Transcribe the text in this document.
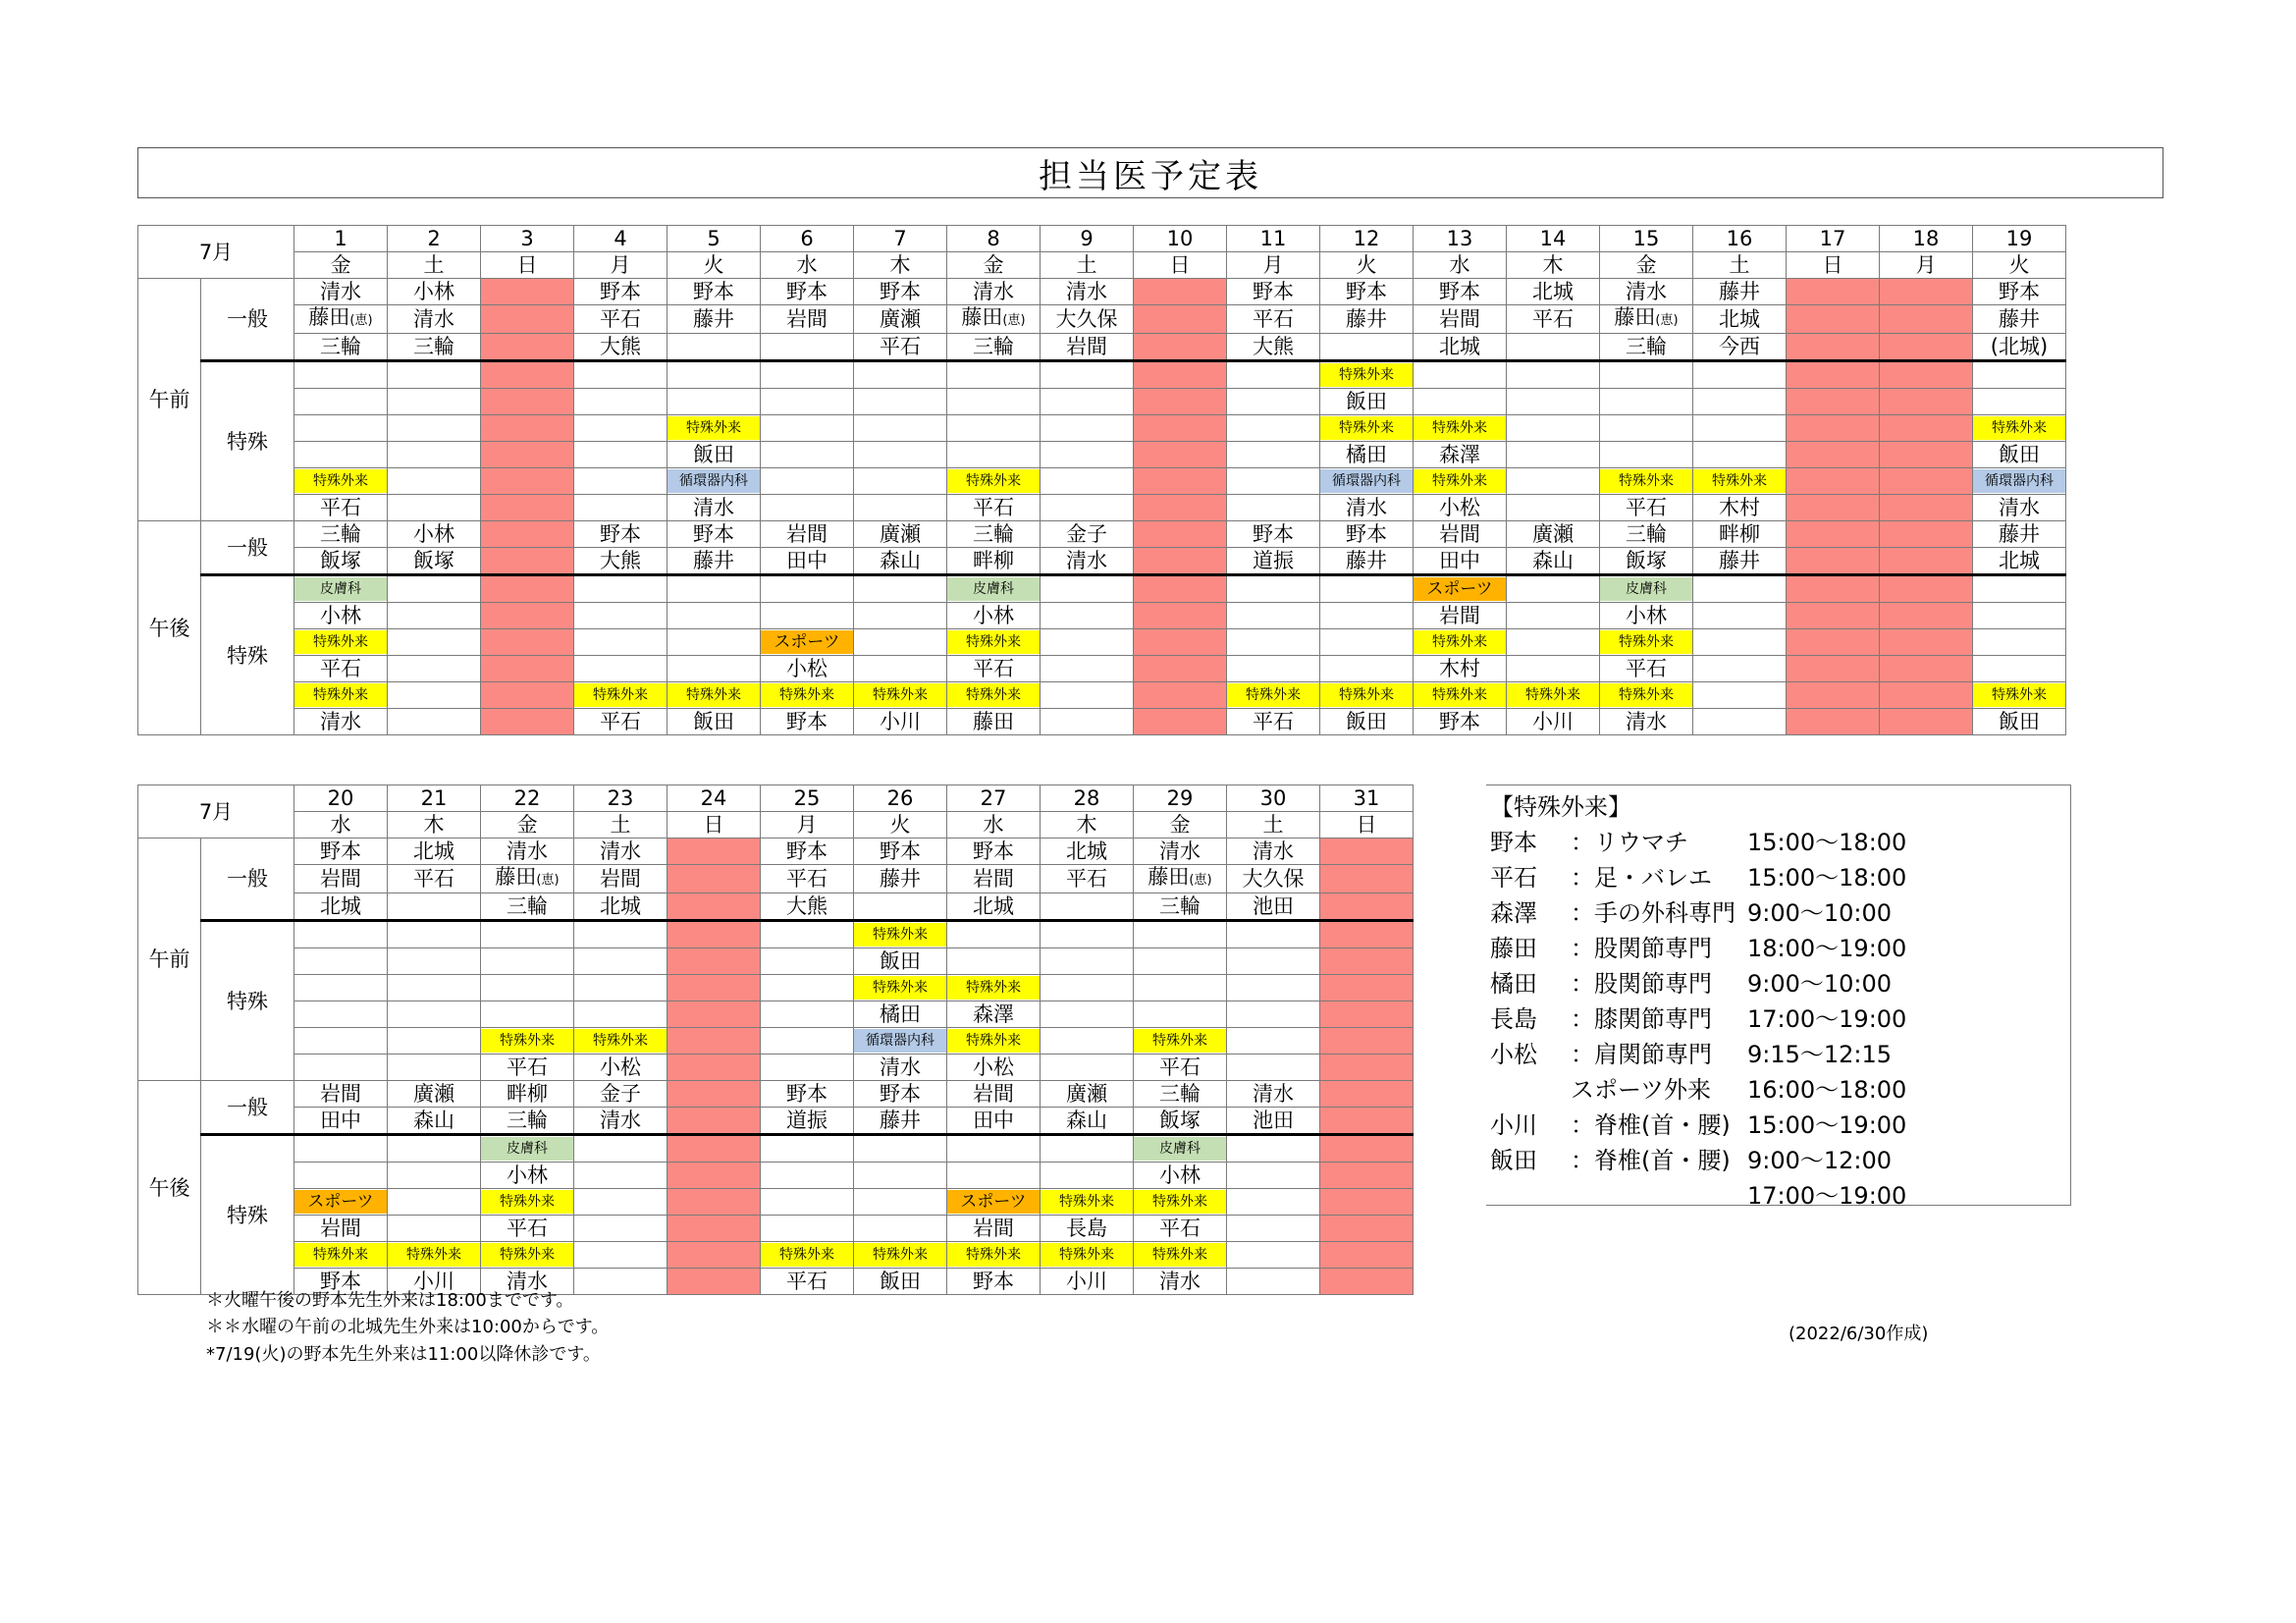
担当医予定表
7月		1	2	3	4	5	6	7	8	9	10	11	12	13	14	15	16	17	18	19
		金	土	日	月	火	水	木	金	土	日	月	火	水	木	金	土	日	月	火
午前	一般	清水	小林		野本	野本	野本	野本	清水	清水		野本	野本	野本	北城	清水	藤井			野本
		藤田(恵)	清水		平石	藤井	岩間	廣瀬	藤田(恵)	大久保		平石	藤井	岩間	平石	藤田(恵)	北城			藤井
		三輪	三輪		大熊			平石	三輪	岩間		大熊		北城		三輪	今西			(北城)
	特殊												特殊外来							

													飯田							

						特殊外来							特殊外来	特殊外来						特殊外来

						飯田							橘田	森澤						飯田

		特殊外来				循環器内科			特殊外来				循環器内科	特殊外来		特殊外来	特殊外来			循環器内科

		平石				清水			平石				清水	小松		平石	木村			清水
午後	一般	三輪	小林		野本	野本	岩間	廣瀬	三輪	金子		野本	野本	岩間	廣瀬	三輪	畔柳			藤井
		飯塚	飯塚		大熊	藤井	田中	森山	畔柳	清水		道振	藤井	田中	森山	飯塚	藤井			北城
	特殊	皮膚科							皮膚科					スポーツ		皮膚科				

		小林							小林					岩間		小林				

		特殊外来					スポーツ		特殊外来					特殊外来		特殊外来				

		平石					小松		平石					木村		平石				

		特殊外来			特殊外来	特殊外来	特殊外来	特殊外来	特殊外来			特殊外来	特殊外来	特殊外来	特殊外来	特殊外来				特殊外来

		清水			平石	飯田	野本	小川	藤田			平石	飯田	野本	小川	清水				飯田
7月		20	21	22	23	24	25	26	27	28	29	30	31
		水	木	金	土	日	月	火	水	木	金	土	日
午前	一般	野本	北城	清水	清水		野本	野本	野本	北城	清水	清水	
		岩間	平石	藤田(恵)	岩間		平石	藤井	岩間	平石	藤田(恵)	大久保	
		北城		三輪	北城		大熊		北城		三輪	池田	
	特殊							特殊外来					

								飯田					

								特殊外来	特殊外来				

								橘田	森澤				

				特殊外来	特殊外来			循環器内科	特殊外来		特殊外来		

				平石	小松			清水	小松		平石		
午後	一般	岩間	廣瀬	畔柳	金子		野本	野本	岩間	廣瀬	三輪	清水	
		田中	森山	三輪	清水		道振	藤井	田中	森山	飯塚	池田	
	特殊			皮膚科							皮膚科		

				小林							小林		

		スポーツ		特殊外来					スポーツ	特殊外来	特殊外来		

		岩間		平石					岩間	長島	平石		

		特殊外来	特殊外来	特殊外来			特殊外来	特殊外来	特殊外来	特殊外来	特殊外来		

		野本	小川	清水			平石	飯田	野本	小川	清水		
【特殊外来】
野本 ：リウマチ	15:00～18:00
平石 ：足・バレエ 15:00～18:00
森澤 ：手の外科専門 9:00～10:00
藤田 ：股関節専門 18:00～19:00
橘田 ：股関節専門 9:00～10:00
長島 ：膝関節専門 17:00～19:00
小松 ：肩関節専門 9:15～12:15
スポーツ外来 16:00～18:00
小川 ：脊椎(首・腰) 15:00～19:00
飯田 ：脊椎(首・腰) 9:00～12:00
17:00～19:00
＊火曜午後の野本先生外来は18:00までです。
＊＊水曜の午前の北城先生外来は10:00からです。
*7/19(火)の野本先生外来は11:00以降休診です。
(2022/6/30作成)
